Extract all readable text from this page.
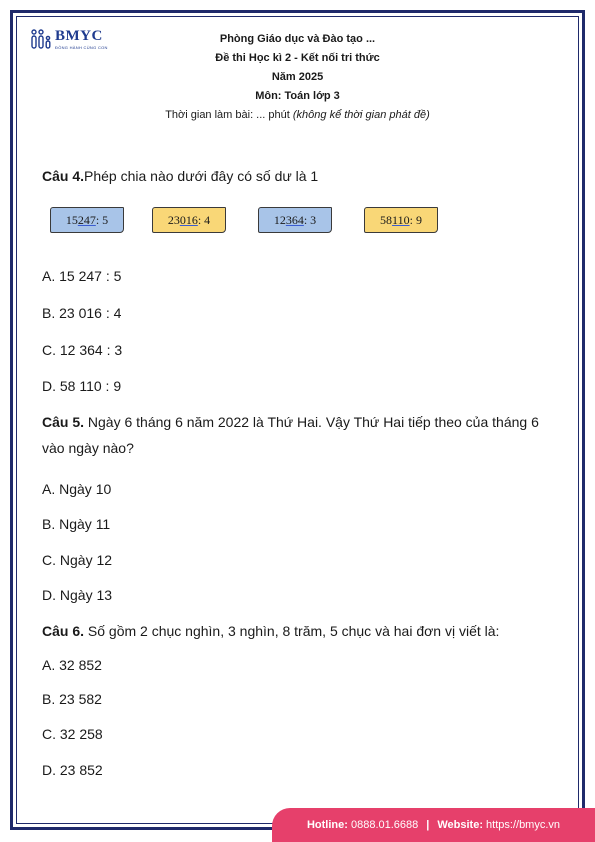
BMYC
ĐỒNG HÀNH CÙNG CON
Phòng Giáo dục và Đào tạo ...
Đề thi Học kì 2 - Kết nối tri thức
Năm 2025
Môn: Toán lớp 3
Thời gian làm bài: ... phút (không kể thời gian phát đề)
Câu 4.Phép chia nào dưới đây có số dư là 1
A. 15 247 : 5
B. 23 016 : 4
C. 12 364 : 3
D. 58 110 : 9
Câu 5. Ngày 6 tháng 6 năm 2022 là Thứ Hai. Vậy Thứ Hai tiếp theo của tháng 6 vào ngày nào?
A. Ngày 10
B. Ngày 11
C. Ngày 12
D. Ngày 13
Câu 6. Số gồm 2 chục nghìn, 3 nghìn, 8 trăm, 5 chục và hai đơn vị viết là:
A. 32 852
B. 23 582
C. 32 258
D. 23 852
15 247 : 5	23 016 : 4	12 364 : 3	58 110 : 9
Hotline:
0888.01.6688 | Website:
https://bmyc.vn
